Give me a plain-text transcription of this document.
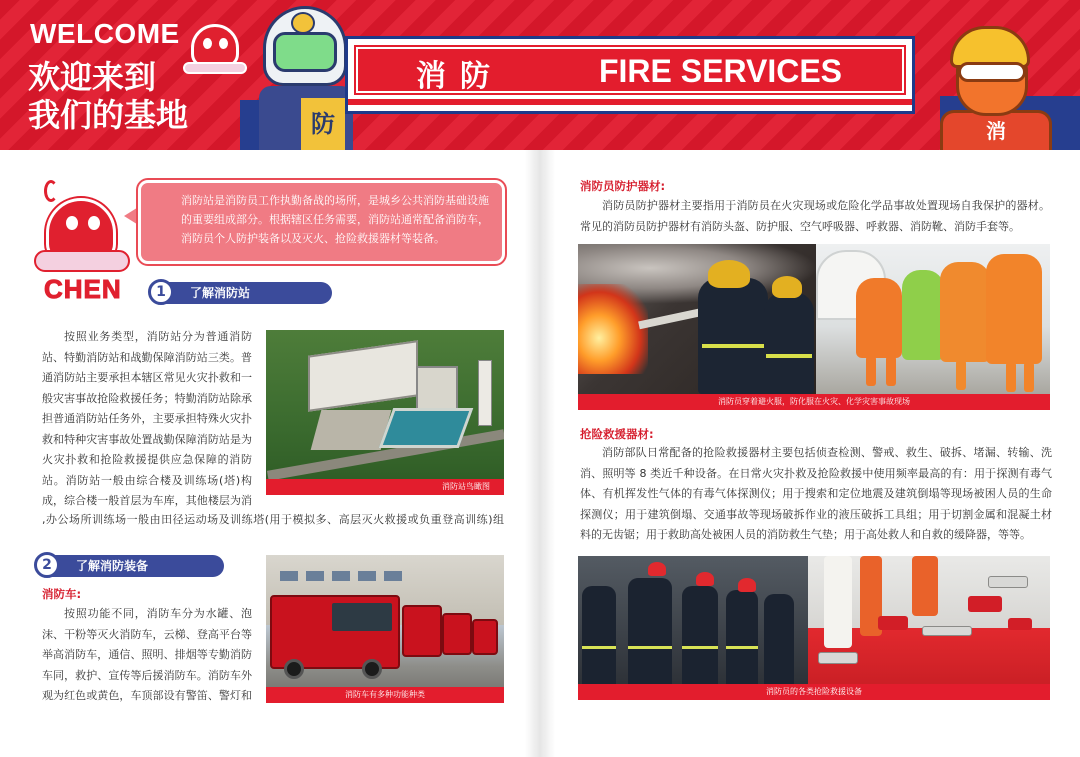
WELCOME
欢迎来到
我们的基地	防
消防	FIRE SERVICES
消
CHEN
消防站是消防员工作执勤备战的场所，是城乡公共消防基础设施的重要组成部分。根据辖区任务需要，消防站通常配备消防车，消防员个人防护装备以及灭火、抢险救援器材等装备。
1	了解消防站
按照业务类型，消防站分为普通消防站、特勤消防站和战勤保障消防站三类。普通消防站主要承担本辖区常见火灾扑救和一般灾害事故抢险救援任务；特勤消防站除承担普通消防站任务外，主要承担特殊火灾扑救和特种灾害事故处置战勤保障消防站是为火灾扑救和抢险救援提供应急保障的消防站。消防站一般由综合楼及训练场(塔)构成，综合楼一般首层为车库，其他楼层为消
,办公场所训练场一般由田径运动场及训练塔(用于模拟多、高层灭火救援或负重登高训练)组
消防站鸟瞰图
2	了解消防装备
消防车:
按照功能不同，消防车分为水罐、泡沫、干粉等灭火消防车，云梯、登高平台等举高消防车，通信、照明、排烟等专勤消防车同，救护、宣传等后援消防车。消防车外观为红色或黄色，车顶部设有警笛、警灯和	消防车有多种功能种类
消防员防护器材:
消防员防护器材主要指用于消防员在火灾现场或危险化学品事故处置现场自我保护的器材。常见的消防员防护器材有消防头盔、防护服、空气呼吸器、呼救器、消防靴、消防手套等。
消防员穿着避火服，防化服在火灾、化学灾害事故现场
抢险救援器材:
消防部队日常配备的抢险救援器材主要包括侦查检测、警戒、救生、破拆、堵漏、转输、洗消、照明等 8 类近千种设备。在日常火灾扑救及抢险救援中使用频率最高的有：用于探测有毒气体、有机挥发性气体的有毒气体探测仪；用于搜索和定位地震及建筑倒塌等现场被困人员的生命探测仪；用于建筑倒塌、交通事故等现场破拆作业的液压破拆工具组；用于切割金属和混凝土材料的无齿锯；用于救助高处被困人员的消防救生气垫；用于高处救人和自救的缓降器，等等。
消防员的各类抢险救援设备
